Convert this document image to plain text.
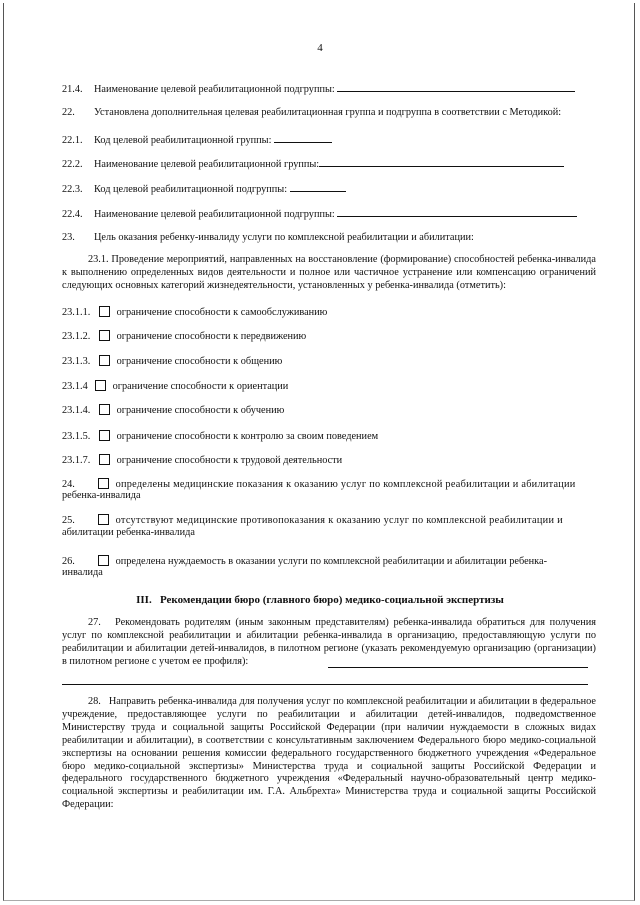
4
21.4. Наименование целевой реабилитационной подгруппы:
22. Установлена дополнительная целевая реабилитационная группа и подгруппа в соответствии с Методикой:
22.1. Код целевой реабилитационной группы:
22.2. Наименование целевой реабилитационной группы:
22.3. Код целевой реабилитационной подгруппы:
22.4. Наименование целевой реабилитационной подгруппы:
23. Цель оказания ребенку-инвалиду услуги по комплексной реабилитации и абилитации:
23.1. Проведение мероприятий, направленных на восстановление (формирование) способностей ребенка-инвалида к выполнению определенных видов деятельности и полное или частичное устранение или компенсацию ограничений следующих основных категорий жизнедеятельности, установленных у ребенка-инвалида (отметить):
23.1.1.	ограничение способности к самообслуживанию
23.1.2.	ограничение способности к передвижению
23.1.3.	ограничение способности к общению
23.1.4 ограничение способности к ориентации
23.1.4.	ограничение способности к обучению
23.1.5.	ограничение способности к контролю за своим поведением
23.1.7.	ограничение способности к трудовой деятельности
24.	определены медицинские показания к оказанию услуг по комплексной реабилитации и абилитации
ребенка-инвалида
25.	отсутствуют медицинские противопоказания к оказанию услуг по комплексной реабилитации и
абилитации ребенка-инвалида
26.	определена нуждаемость в оказании услуги по комплексной реабилитации и абилитации ребенка-
инвалида
III.   Рекомендации бюро (главного бюро) медико-социальной экспертизы
27.   Рекомендовать родителям (иным законным представителям) ребенка-инвалида обратиться для получения услуг по комплексной реабилитации и абилитации ребенка-инвалида в организацию, предоставляющую услуги по реабилитации и абилитации детей-инвалидов, в пилотном регионе (указать рекомендуемую организацию (организации) в пилотном регионе с учетом ее профиля):
28.   Направить ребенка-инвалида для получения услуг по комплексной реабилитации и абилитации в федеральное учреждение, предоставляющее услуги по реабилитации и абилитации детей-инвалидов, подведомственное Министерству труда и социальной защиты Российской Федерации (при наличии нуждаемости в сложных видах реабилитации и абилитации), в соответствии с консультативным заключением Федерального бюро медико-социальной экспертизы на основании решения комиссии федерального государственного бюджетного учреждения «Федеральное бюро медико-социальной экспертизы» Министерства труда и социальной защиты Российской Федерации и федерального государственного бюджетного учреждения «Федеральный научно-образовательный центр медико-социальной экспертизы и реабилитации им. Г.А. Альбрехта» Министерства труда и социальной защиты Российской Федерации:
